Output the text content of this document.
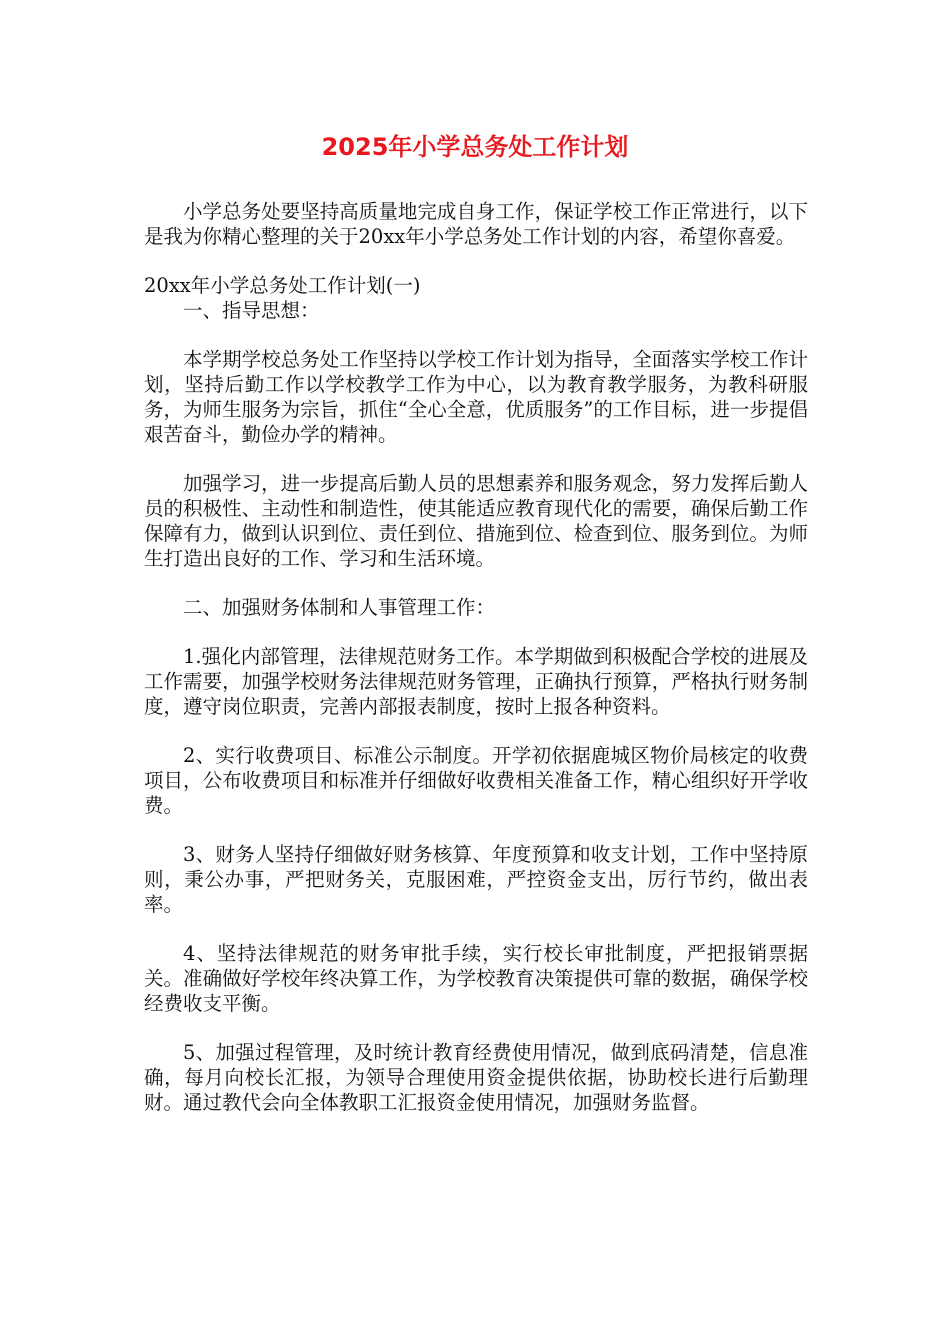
2025年小学总务处工作计划

小学总务处要坚持高质量地完成自身工作，保证学校工作正常进行，以下是我为你精心整理的关于20xx年小学总务处工作计划的内容，希望你喜爱。

20xx年小学总务处工作计划(一)

一、指导思想：

本学期学校总务处工作坚持以学校工作计划为指导，全面落实学校工作计划，坚持后勤工作以学校教学工作为中心，以为教育教学服务，为教科研服务，为师生服务为宗旨，抓住“全心全意，优质服务”的工作目标，进一步提倡艰苦奋斗，勤俭办学的精神。

加强学习，进一步提高后勤人员的思想素养和服务观念，努力发挥后勤人员的积极性、主动性和制造性，使其能适应教育现代化的需要，确保后勤工作保障有力，做到认识到位、责任到位、措施到位、检查到位、服务到位。为师生打造出良好的工作、学习和生活环境。

二、加强财务体制和人事管理工作：

1.强化内部管理，法律规范财务工作。本学期做到积极配合学校的进展及工作需要，加强学校财务法律规范财务管理，正确执行预算，严格执行财务制度，遵守岗位职责，完善内部报表制度，按时上报各种资料。

2、实行收费项目、标准公示制度。开学初依据鹿城区物价局核定的收费项目，公布收费项目和标准并仔细做好收费相关准备工作，精心组织好开学收费。

3、财务人坚持仔细做好财务核算、年度预算和收支计划，工作中坚持原则，秉公办事，严把财务关，克服困难，严控资金支出，厉行节约，做出表率。

4、坚持法律规范的财务审批手续，实行校长审批制度，严把报销票据关。准确做好学校年终决算工作，为学校教育决策提供可靠的数据，确保学校经费收支平衡。

5、加强过程管理，及时统计教育经费使用情况，做到底码清楚，信息准确，每月向校长汇报，为领导合理使用资金提供依据，协助校长进行后勤理财。通过教代会向全体教职工汇报资金使用情况，加强财务监督。
